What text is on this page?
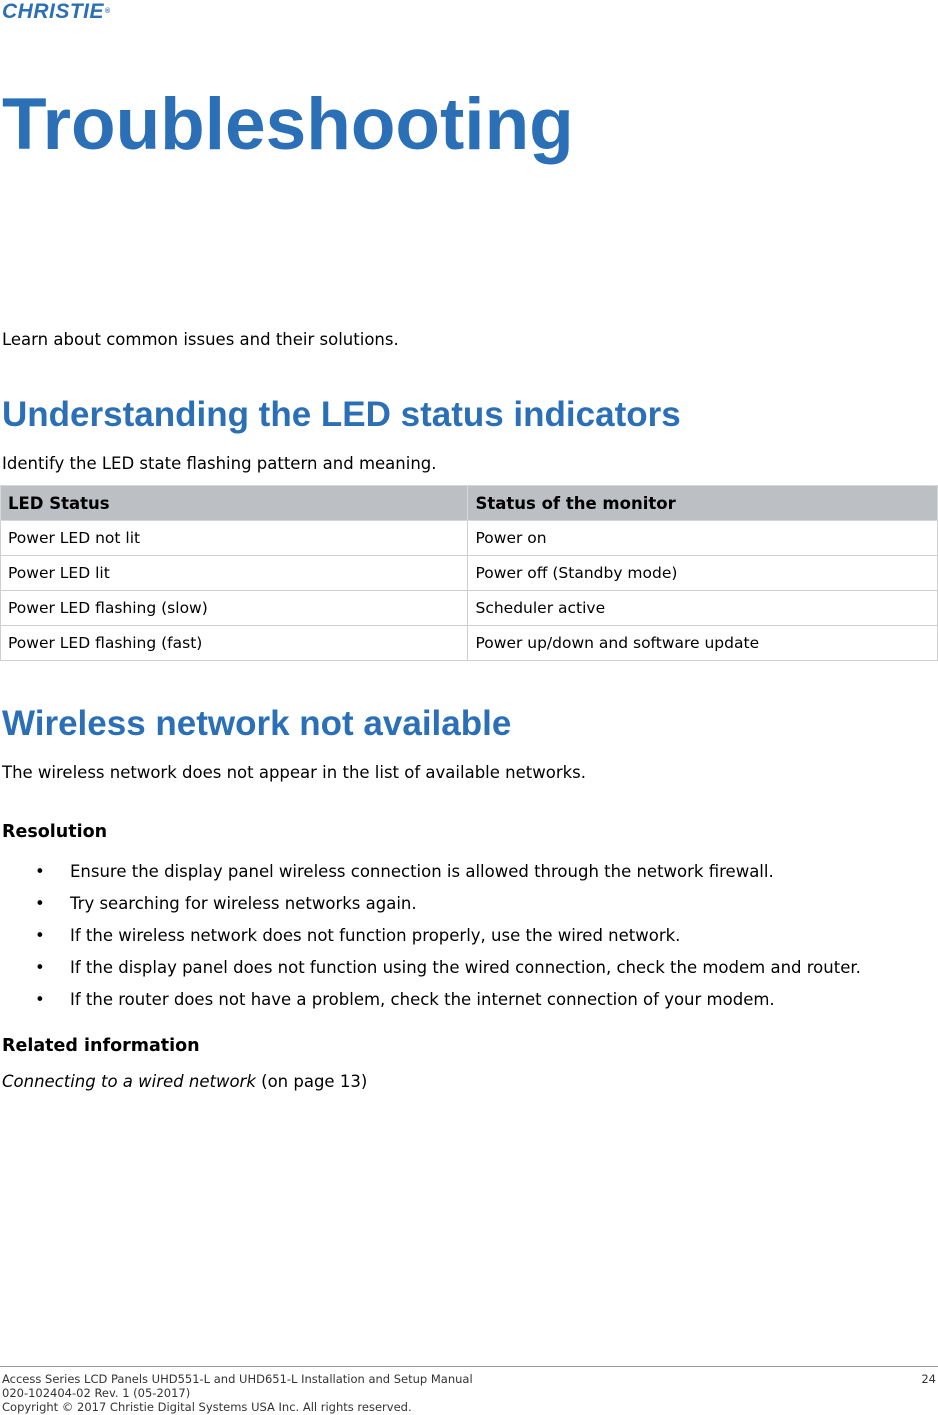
CHRISTIE®
Troubleshooting

Learn about common issues and their solutions.

Understanding the LED status indicators

Identify the LED state flashing pattern and meaning.

LED Status	Status of the monitor
Power LED not lit	Power on
Power LED lit	Power off (Standby mode)
Power LED flashing (slow)	Scheduler active
Power LED flashing (fast)	Power up/down and software update
Wireless network not available

The wireless network does not appear in the list of available networks.

Resolution
• Ensure the display panel wireless connection is allowed through the network firewall.
• Try searching for wireless networks again.
• If the wireless network does not function properly, use the wired network.
• If the display panel does not function using the wired connection, check the modem and router.
• If the router does not have a problem, check the internet connection of your modem.
Related information

Connecting to a wired network (on page 13)

Access Series LCD Panels UHD551-L and UHD651-L Installation and Setup Manual	24

020-102404-02 Rev. 1 (05-2017)

Copyright © 2017 Christie Digital Systems USA Inc. All rights reserved.
